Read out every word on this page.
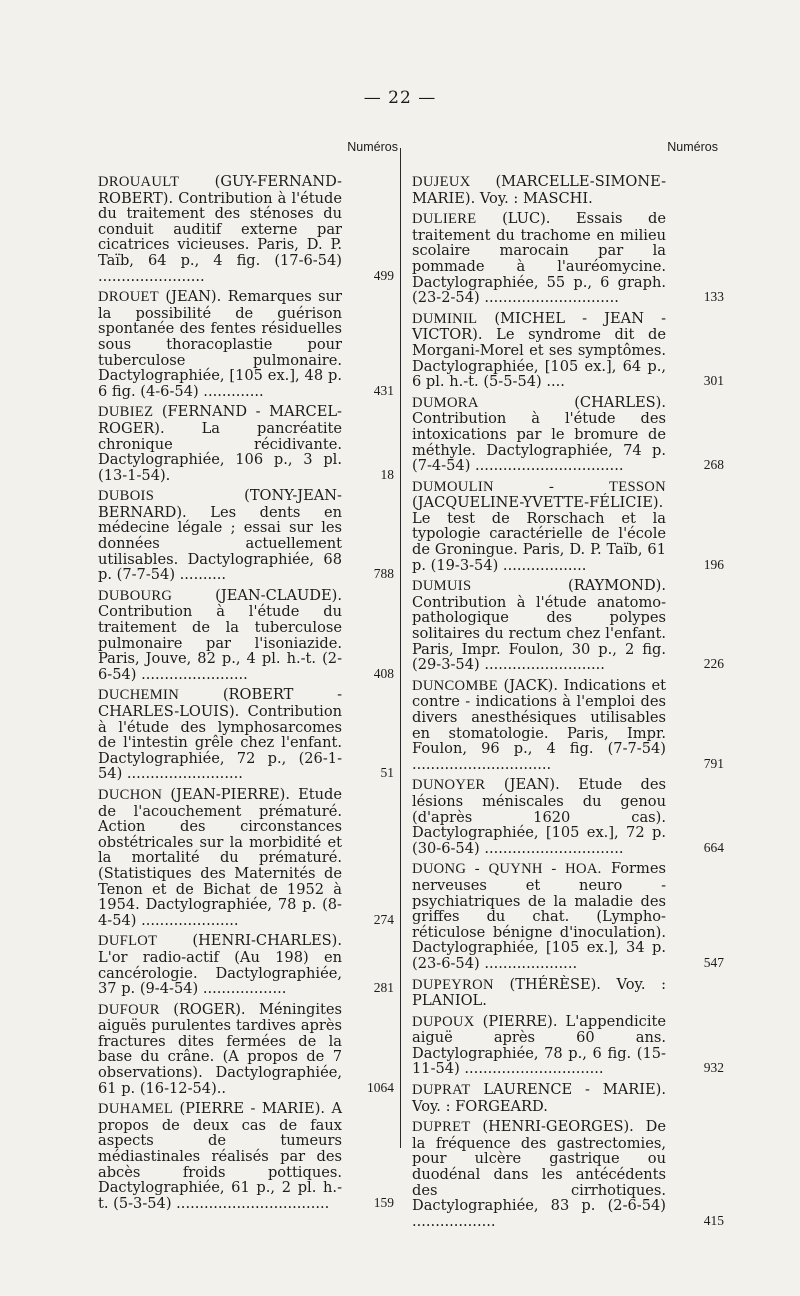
— 22 —
Numéros
DROUAULT (GUY-FERNAND-ROBERT). Contribution à l'étude du traitement des sténoses du conduit auditif externe par cicatrices vicieuses. Paris, D. P. Taïb, 64 p., 4 fig. (17-6-54) .......................	499
DROUET (JEAN). Remarques sur la possibilité de guérison spontanée des fentes résiduelles sous thoracoplastie pour tuberculose pulmonaire. Dactylographiée, [105 ex.], 48 p. 6 fig. (4-6-54) .............	431
DUBIEZ (FERNAND - MARCEL-ROGER). La pancréatite chronique récidivante. Dactylographiée, 106 p., 3 pl. (13-1-54).	18
DUBOIS	(TONY-JEAN-BERNARD). Les dents en médecine légale ; essai sur les données actuellement utilisables. Dactylographiée, 68 p. (7-7-54) ..........	788
DUBOURG	(JEAN-CLAUDE). Contribution à l'étude du traitement de la tuberculose pulmonaire par l'isoniazide. Paris, Jouve, 82 p., 4 pl. h.-t. (2-6-54) .......................	408
DUCHEMIN	(ROBERT - CHARLES-LOUIS). Contribution à l'étude des lymphosarcomes de l'intestin grêle chez l'enfant. Dactylographiée, 72 p., (26-1-54) .........................	51
DUCHON (JEAN-PIERRE). Etude de l'acouchement prématuré. Action des circonstances obstétricales sur la morbidité et la mortalité du prématuré. (Statistiques des Maternités de Tenon et de Bichat de 1952 à 1954. Dactylographiée, 78 p. (8-4-54) .....................	274
DUFLOT (HENRI-CHARLES). L'or radio-actif (Au 198) en cancérologie. Dactylographiée, 37 p. (9-4-54) ..................	281
DUFOUR (ROGER). Méningites aiguës purulentes tardives après fractures dites fermées de la base du crâne. (A propos de 7 observations). Dactylographiée, 61 p. (16-12-54)..	1064
DUHAMEL (PIERRE - MARIE). A propos de deux cas de faux aspects de tumeurs médiastinales réalisés par des abcès froids pottiques. Dactylographiée, 61 p., 2 pl. h.-t. (5-3-54) .................................	159
Numéros
DUJEUX (MARCELLE-SIMONE-MARIE). Voy. : MASCHI.
DULIERE (LUC). Essais de traitement du trachome en milieu scolaire marocain par la pommade à l'auréomycine. Dactylographiée, 55 p., 6 graph. (23-2-54) .............................	133
DUMINIL (MICHEL - JEAN - VICTOR). Le syndrome dit de Morgani-Morel et ses symptômes. Dactylographiée, [105 ex.], 64 p., 6 pl. h.-t. (5-5-54) ....	301
DUMORA	(CHARLES). Contribution à l'étude des intoxications par le bromure de méthyle. Dactylographiée, 74 p. (7-4-54) ................................	268
DUMOULIN - TESSON (JACQUELINE-YVETTE-FÉLICIE). Le test de Rorschach et la typologie caractérielle de l'école de Groningue. Paris, D. P. Taïb, 61 p. (19-3-54) ..................	196
DUMUIS	(RAYMOND). Contribution à l'étude anatomo-pathologique des polypes solitaires du rectum chez l'enfant. Paris, Impr. Foulon, 30 p., 2 fig. (29-3-54) ..........................	226
DUNCOMBE (JACK). Indications et contre - indications à l'emploi des divers anesthésiques utilisables en stomatologie. Paris, Impr. Foulon, 96 p., 4 fig. (7-7-54) ..............................	791
DUNOYER (JEAN). Etude des lésions méniscales du genou (d'après 1620 cas). Dactylographiée, [105 ex.], 72 p. (30-6-54) ..............................	664
DUONG - QUYNH - HOA. Formes nerveuses et neuro - psychiatriques de la maladie des griffes du chat. (Lympho-réticulose bénigne d'inoculation). Dactylographiée, [105 ex.], 34 p. (23-6-54) ....................	547
DUPEYRON (THÉRÈSE). Voy. : PLANIOL.
DUPOUX (PIERRE). L'appendicite aiguë après 60 ans. Dactylographiée, 78 p., 6 fig. (15-11-54) ..............................	932
DUPRAT LAURENCE - MARIE). Voy. : FORGEARD.
DUPRET (HENRI-GEORGES). De la fréquence des gastrectomies, pour ulcère gastrique ou duodénal dans les antécédents des cirrhotiques. Dactylographiée, 83 p. (2-6-54) ..................	415
